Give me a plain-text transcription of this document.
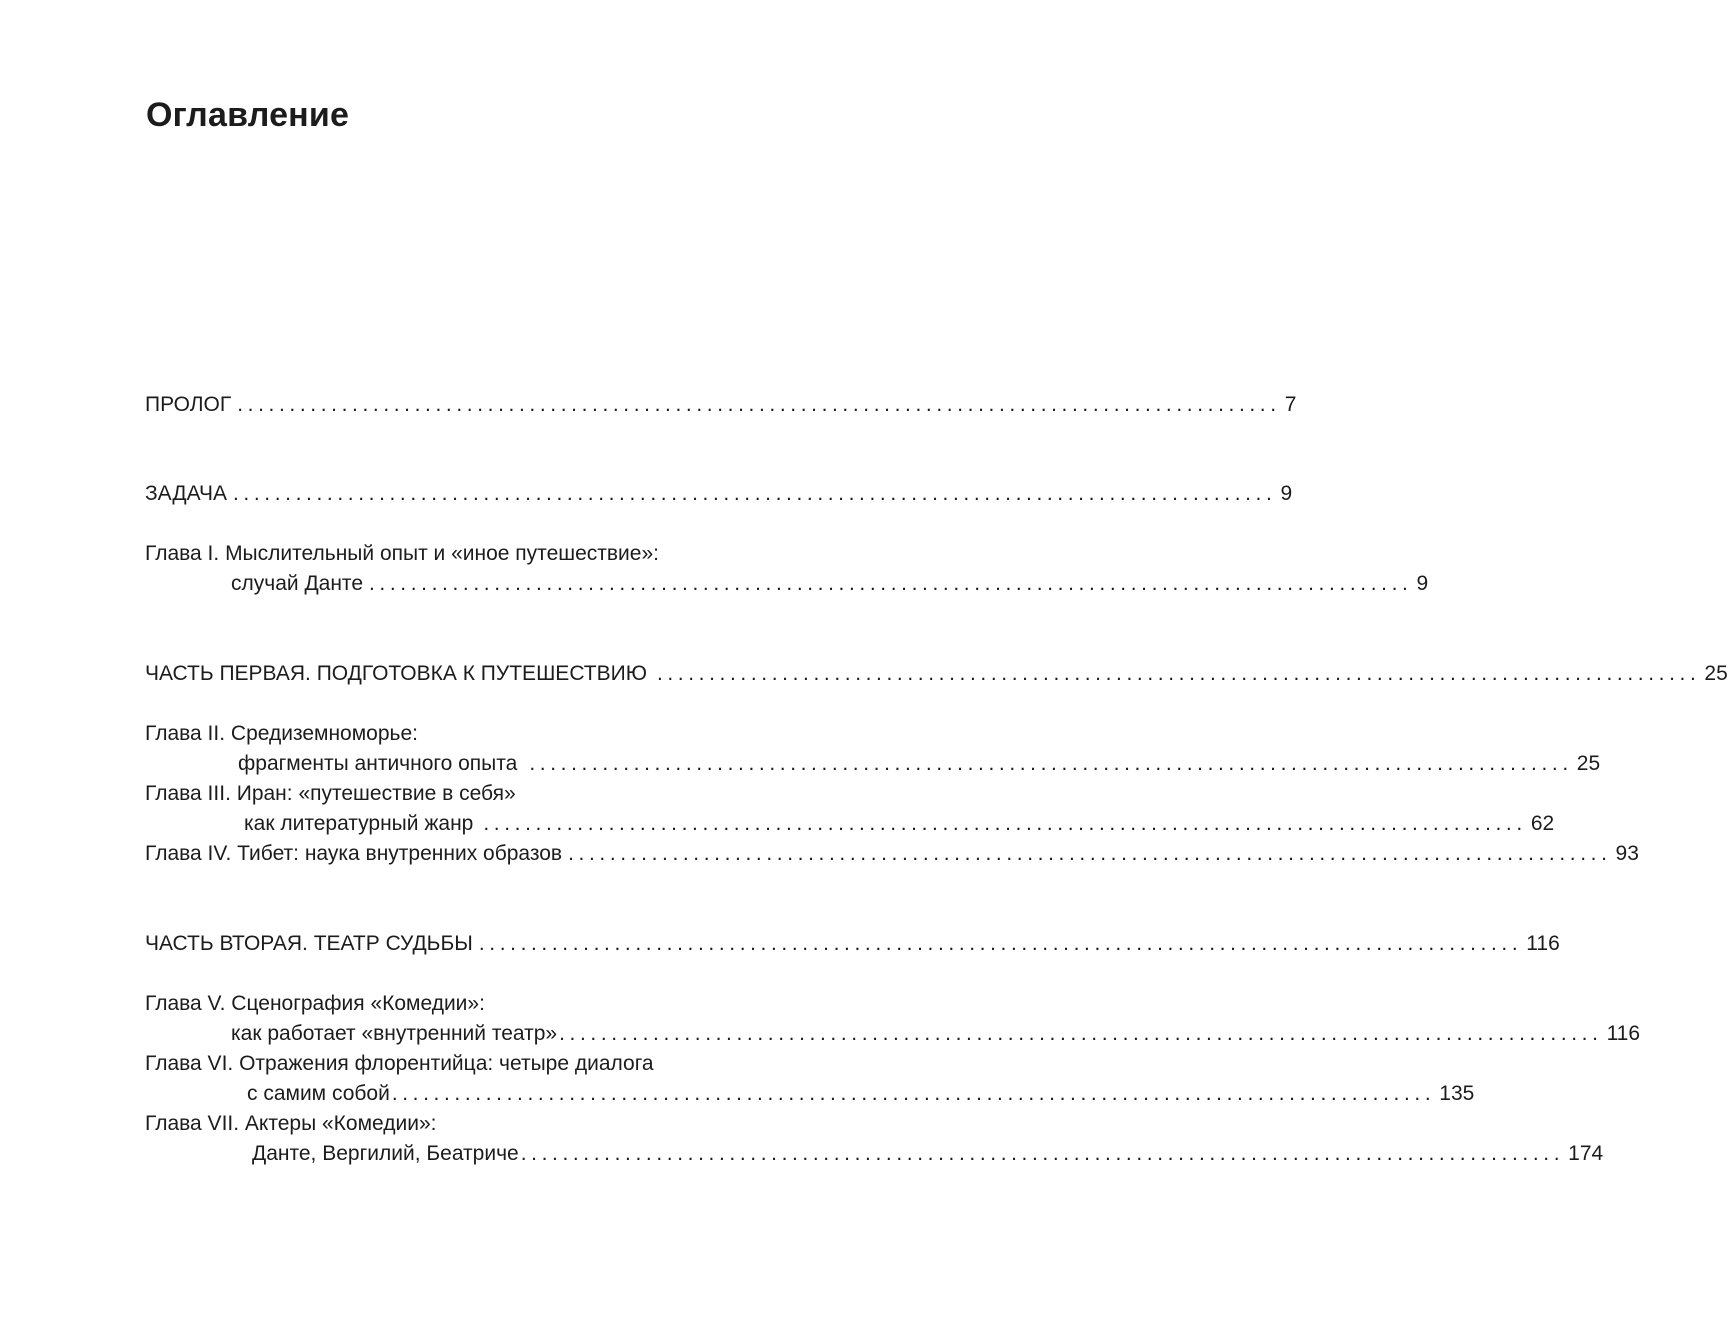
Оглавление
ПРОЛОГ .................................................................................................... 7
ЗАДАЧА .................................................................................................... 9
Глава I. Мыслительный опыт и «иное путешествие»:
случай Данте .................................................................................................... 9
ЧАСТЬ ПЕРВАЯ. ПОДГОТОВКА К ПУТЕШЕСТВИЮ .................................................................................................... 25
Глава II. Средиземноморье:
фрагменты античного опыта .................................................................................................... 25
Глава III. Иран: «путешествие в себя»
как литературный жанр .................................................................................................... 62
Глава IV. Тибет: наука внутренних образов .................................................................................................... 93
ЧАСТЬ ВТОРАЯ. ТЕАТР СУДЬБЫ .................................................................................................... 116
Глава V. Сценография «Комедии»:
как работает «внутренний театр» .................................................................................................... 116
Глава VI. Отражения флорентийца: четыре диалога
с самим собой .................................................................................................... 135
Глава VII. Актеры «Комедии»:
Данте, Вергилий, Беатриче .................................................................................................... 174
